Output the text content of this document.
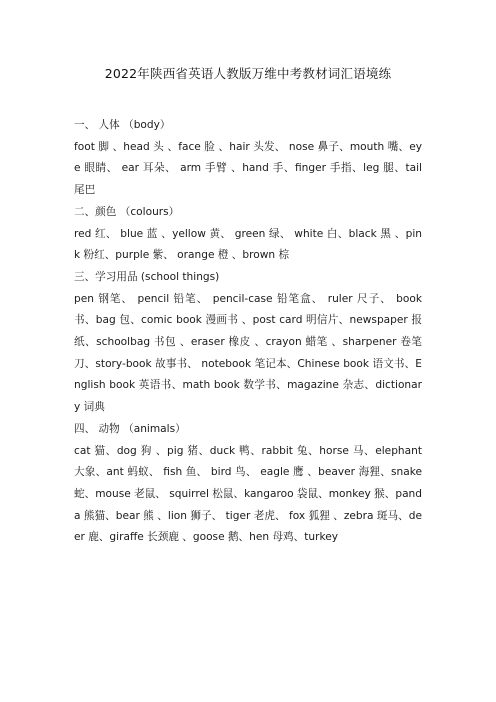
2022年陕西省英语人教版万维中考教材词汇语境练
一、 人体 （body）
foot 脚 、head 头 、face 脸 、hair 头发、 nose 鼻子、mouth 嘴、eye 眼睛、 ear 耳朵、 arm 手臂 、hand 手、finger 手指、leg 腿、tail 尾巴
二、颜色 （colours）
red 红、 blue 蓝 、yellow 黄、 green 绿、 white 白、black 黑 、pink 粉红、purple 紫、 orange 橙 、brown 棕
三、学习用品 (school things)
pen 钢笔、 pencil 铅笔、 pencil-case 铅笔盒、 ruler 尺子、 book 书、bag 包、comic book 漫画书 、post card 明信片、newspaper 报纸、schoolbag 书包 、eraser 橡皮 、crayon 蜡笔 、sharpener 卷笔刀、story-book 故事书、 notebook 笔记本、Chinese book 语文书、English book 英语书、math book 数学书、magazine 杂志、dictionary 词典
四、 动物 （animals）
cat 猫、dog 狗 、pig 猪、duck 鸭、rabbit 兔、horse 马、elephant 大象、ant 蚂蚁、 fish 鱼、 bird 鸟、 eagle 鹰 、beaver 海狸、snake 蛇、mouse 老鼠、 squirrel 松鼠、kangaroo 袋鼠、monkey 猴、panda 熊猫、bear 熊 、lion 狮子、 tiger 老虎、 fox 狐狸 、zebra 斑马、deer 鹿、giraffe 长颈鹿 、goose 鹅、hen 母鸡、turkey
